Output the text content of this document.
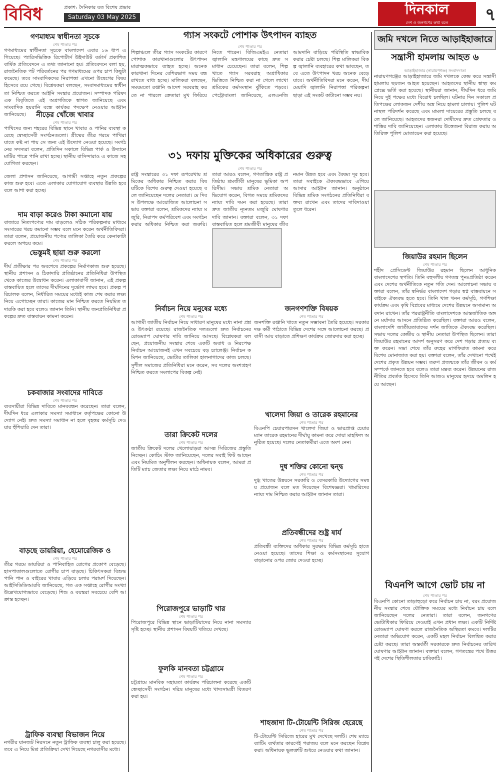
বিবিধ	প্রকাশ: দৈনিকার যত বিশেষ প্রভাব
Saturday 03 May 2025	দিনকাল
দেশ ও জনগণের কথা বলে	৭
গণমাধ্যম স্বাধীনতা সূচকে
শেষ পাতার পর
গণমাধ্যমের স্বাধীনতা সূচকে বাংলাদেশ এবার ১৬ ধাপ এগিয়েছে। প্যারিসভিত্তিক রিপোর্টার্স উইদাউট বর্ডার্স প্রকাশিত বার্ষিক প্রতিবেদনে এ তথ্য জানানো হয়। প্রতিবেদনে বলা হয়, রাজনৈতিক পট পরিবর্তনের পর গণমাধ্যমের ওপর চাপ কিছুটা কমেছে। তবে সাংবাদিকদের নিরাপত্তা এখনো উদ্বেগের বিষয় হিসেবে রয়ে গেছে। বিশ্লেষকরা বলছেন, সংবাদমাধ্যমের স্বাধীনতা নিশ্চিত করতে আইনি সংস্কার প্রয়োজন। সম্পাদক পরিষদ এক বিবৃতিতে এই অগ্রগতিকে স্বাগত জানিয়েছে এবং সাংবাদিক হয়রানি বন্ধে কার্যকর পদক্ষেপ নেওয়ার আহ্বান জানিয়েছে।	নীড়ের খোঁজে খাবার
শেষ পাতার পর
পাখিদের জন্য শহরের বিভিন্ন স্থানে খাবার ও পানির ব্যবস্থা করেছে স্বেচ্ছাসেবী সংগঠনগুলো। গ্রীষ্মের তীব্র গরমে পাখিরা যাতে কষ্ট না পায় সে জন্য এই উদ্যোগ নেওয়া হয়েছে। সংগঠনের সদস্যরা বলেন, প্রতিদিন সকালে বিভিন্ন পার্ক ও উদ্যানে মাটির পাত্রে পানি রাখা হচ্ছে। স্থানীয় বাসিন্দারাও এ কাজে সহযোগিতা করছেন।
জেলা প্রশাসন জানিয়েছে, আগামী সপ্তাহে নতুন প্রকল্পের কাজ শুরু হবে। এতে এলাকার যোগাযোগ ব্যবস্থার উন্নতি হবে বলে আশা করা হচ্ছে।
দাম বাড়া করেও টাকা কমানো যায়
বাজারে নিত্যপণ্যের দাম বাড়লেও সঠিক পরিকল্পনার মাধ্যমে সংসারের খরচ কমানো সম্ভব বলে মনে করেন অর্থনীতিবিদরা। তারা বলেন, প্রয়োজনীয় পণ্যের তালিকা তৈরি করে কেনাকাটা করলে অপচয় কমে।
ভেস্তুমই ছায়া শুরু করলো
শেষ পাতার পর
দীর্ঘ প্রতীক্ষার পর অবশেষে প্রকল্পের নির্মাণকাজ শুরু হয়েছে। স্থানীয় প্রশাসন ও ঠিকাদারি প্রতিষ্ঠানের প্রতিনিধিরা উপস্থিত থেকে কাজের উদ্বোধন করেন। এলাকাবাসী জানান, এই প্রকল্প বাস্তবায়িত হলে তাদের দীর্ঘদিনের দুর্ভোগ লাঘব হবে। প্রকল্প পরিচালক বলেন, নির্ধারিত সময়ের মধ্যেই কাজ শেষ করার লক্ষ্য নিয়ে এগোচ্ছেন তারা। কাজের মান নিশ্চিত করতে নিয়মিত তদারকি করা হবে বলেও জানান তিনি। স্থানীয় জনপ্রতিনিধিরা প্রকল্পের দ্রুত বাস্তবায়ন কামনা করেন।
চকবাজার সংবাদের দাবিতে
শেষ পাতার পর
ব্যবসায়ীরা বিভিন্ন দাবিতে মানববন্ধন করেছেন। তারা বলেন, দীর্ঘদিন ধরে এলাকার সমস্যা সমাধানে কর্তৃপক্ষের কোনো উদ্যোগ নেই। দ্রুত সমস্যা সমাধান না হলে বৃহত্তর কর্মসূচি দেওয়ার হুঁশিয়ারি দেন তারা।
বাড়ছে ডায়রিয়া, হেমোরেজিক ও
শেষ পাতার পর
তীব্র গরমে ডায়রিয়া ও পানিবাহিত রোগের প্রকোপ বেড়েছে। হাসপাতালগুলোতে রোগীর চাপ বাড়ছে। চিকিৎসকরা বিশুদ্ধ পানি পান ও বাইরের খাবার এড়িয়ে চলার পরামর্শ দিয়েছেন। আইসিডিডিআরবি জানিয়েছে, গত এক সপ্তাহে রোগীর সংখ্যা উল্লেখযোগ্যভাবে বেড়েছে। শিশু ও বয়স্করা সবচেয়ে বেশি আক্রান্ত হচ্ছেন।
ট্রাফিক ব্যবস্থা বিভাজন নিয়ে
নগরীর যানজট নিরসনে নতুন ট্রাফিক ব্যবস্থা চালু করা হয়েছে। তবে এ নিয়ে মিশ্র প্রতিক্রিয়া দেখা দিয়েছে নগরবাসীর মধ্যে।
গ্যাস সংকটে পোশাক উৎপাদন ব্যাহত
শেষ পাতার পর
শিল্পাঞ্চলে তীব্র গ্যাস সংকটের কারণে পোশাক কারখানাগুলোর উৎপাদন মারাত্মকভাবে ব্যাহত হচ্ছে। অনেক কারখানা দিনের বেশিরভাগ সময় বন্ধ রাখতে বাধ্য হচ্ছে। মালিকরা বলছেন, সময়মতো রপ্তানি আদেশ সরবরাহ করতে না পারলে ক্রেতারা মুখ ফিরিয়ে নিতে পারেন। বিজিএমইএ নেতারা জ্বালানি মন্ত্রণালয়ের কাছে দ্রুত সমাধান চেয়েছেন। তারা বলেন, শিল্প খাতে গ্যাস সরবরাহ অগ্রাধিকার ভিত্তিতে নিশ্চিত করা না গেলে লাখো শ্রমিকের কর্মসংস্থান ঝুঁকিতে পড়বে। পেট্রোবাংলা জানিয়েছে, এলএনজি আমদানি বাড়িয়ে পরিস্থিতি স্বাভাবিক করার চেষ্টা চলছে। শিল্প মালিকরা বিকল্প জ্বালানি ব্যবহারের কথা ভাবছেন, তবে এতে উৎপাদন খরচ অনেক বেড়ে যাবে। অর্থনীতিবিদরা মনে করেন, দীর্ঘমেয়াদি জ্বালানি নিরাপত্তা পরিকল্পনা ছাড়া এই সংকট কাটানো সম্ভব নয়।
৩১ দফায় মুক্তিকের অধিকারের গুরুত্ব
শেষ পাতার পর
রাষ্ট্র সংস্কারের ৩১ দফা রূপরেখায় শ্রমিকের অধিকার নিশ্চিত করার বিষয়টিকে বিশেষ গুরুত্ব দেওয়া হয়েছে বলে জানিয়েছেন দলের নেতারা। মে দিবস উপলক্ষে আয়োজিত আলোচনা সভায় বক্তারা বলেন, শ্রমিকদের ন্যায্য মজুরি, নিরাপদ কর্মপরিবেশ এবং সংগঠন করার অধিকার নিশ্চিত করা জরুরি। তারা আরও বলেন, গণতান্ত্রিক রাষ্ট্র প্রতিষ্ঠায় শ্রমজীবী মানুষের ভূমিকা অপরিসীম। সভায় শ্রমিক নেতারা অভিযোগ করেন, বিগত সময়ে শ্রমিকদের ন্যায্য দাবি দমন করা হয়েছে। তারা দ্রুত জাতীয় ন্যূনতম মজুরি ঘোষণার দাবি জানান। বক্তারা বলেন, ৩১ দফা বাস্তবায়িত হলে শ্রমজীবী মানুষের জীবনমান উন্নত হবে এবং বৈষম্য দূর হবে। তারা সবাইকে ঐক্যবদ্ধভাবে এগিয়ে আসার আহ্বান জানান। অনুষ্ঠানে বিভিন্ন শ্রমিক সংগঠনের প্রতিনিধিরা বক্তব্য রাখেন এবং তাদের দাবিদাওয়া তুলে ধরেন।
নির্বাচন নিয়ে মনুষের মধ্যে
শেষ পাতার পর
আগামী জাতীয় নির্বাচন নিয়ে সাধারণ মানুষের মধ্যে নানা প্রশ্ন ও উৎকণ্ঠা রয়েছে। রাজনৈতিক দলগুলো দ্রুত নির্বাচনের রোডম্যাপ ঘোষণার দাবি জানিয়ে আসছে। বিশ্লেষকরা বলছেন, প্রয়োজনীয় সংস্কার শেষে একটি অবাধ ও নিরপেক্ষ নির্বাচন আয়োজনই এখন সবচেয়ে বড় চ্যালেঞ্জ। নির্বাচন কমিশন জানিয়েছে, ভোটার তালিকা হালনাগাদের কাজ চলছে। সুশীল সমাজের প্রতিনিধিরা মনে করেন, সব দলের অংশগ্রহণ নিশ্চিত করতে সংলাপের বিকল্প নেই।
তারা ক্রিকেট দলের
শেষ পাতার পর
জাতীয় ক্রিকেট দলের খেলোয়াড়রা আসন্ন সিরিজের প্রস্তুতি নিচ্ছেন। কোচিং স্টাফ জানিয়েছেন, দলের সবাই ফিট আছেন এবং নিয়মিত অনুশীলন করছেন। অধিনায়ক বলেন, আমরা প্রতিটি ম্যাচ জেতার লক্ষ্য নিয়ে মাঠে নামব।
পিরোজপুরে ভাড়াটি খার
শেষ পাতার পর
পিরোজপুরে বিভিন্ন স্থানে ভাড়াটিয়াদের নিয়ে নানা সমস্যার সৃষ্টি হচ্ছে। স্থানীয় প্রশাসন বিষয়টি খতিয়ে দেখছে।
ফুলকি মানবতা চট্টগ্রামে
শেষ পাতার পর
চট্টগ্রামে মানবিক সহায়তা কার্যক্রম পরিচালনা করেছে একটি স্বেচ্ছাসেবী সংগঠন। দরিদ্র মানুষের মধ্যে খাদ্যসামগ্রী বিতরণ করা হয়।
জনগণশক্তি বিষয়ক
শেষ পাতার পর
জনশক্তি রপ্তানি খাতে নতুন সম্ভাবনা তৈরি হয়েছে। সরকার দক্ষ কর্মী পাঠাতে বিভিন্ন দেশের সঙ্গে আলোচনা করছে। প্রবাসী আয় বাড়াতে প্রশিক্ষণ কার্যক্রম জোরদার করা হচ্ছে।
খালেদা জিয়া ও তারেক রহমানের
শেষ পাতার পর
বিএনপি চেয়ারপারসন খালেদা জিয়া ও ভারপ্রাপ্ত চেয়ারম্যান তারেক রহমানের দীর্ঘায়ু কামনা করে দোয়া মাহফিল অনুষ্ঠিত হয়েছে। দলের নেতাকর্মীরা এতে অংশ নেন।
দুধ শক্তির কোনো দ্বন্দ্ব
শেষ পাতার পর
দুগ্ধ খাতের উন্নয়নে সরকারি ও বেসরকারি উদ্যোগের সমন্বয় প্রয়োজন বলে মত দিয়েছেন বিশেষজ্ঞরা। খামারিদের ন্যায্য দাম নিশ্চিত করার আহ্বান জানান তারা।
প্রতিবন্ধীদের শুষ্ট্র ষার্য
শেষ পাতার পর
প্রতিবন্ধী ব্যক্তিদের অধিকার সুরক্ষায় বিভিন্ন কর্মসূচি হাতে নেওয়া হয়েছে। তাদের শিক্ষা ও কর্মসংস্থানের সুযোগ বাড়ানোর ওপর জোর দেওয়া হচ্ছে।
শাহজাদা টি-টোয়েন্টি সিরিজ হেরেছে
শেষ পাতার পর
টি-টোয়েন্টি সিরিজে হারের মুখ দেখেছে দলটি। শেষ ম্যাচে ব্যাটিং ব্যর্থতার কারণেই পরাজয় বলে মনে করছেন বিশ্লেষকরা। অধিনায়ক ভুলত্রুটি শুধরে নেওয়ার কথা জানান।
জমি দখলে নিতে আড়াইহাজারে
সন্ত্রাসী হামলায় আহত ৬
আড়াইহাজার (নারায়ণগঞ্জ) সংবাদদাতা
নারায়ণগঞ্জের আড়াইহাজারে জমি দখলকে কেন্দ্র করে সন্ত্রাসী হামলায় ছয়জন আহত হয়েছেন। আহতদের স্থানীয় স্বাস্থ্য কমপ্লেক্সে ভর্তি করা হয়েছে। স্থানীয়রা জানান, দীর্ঘদিন ধরে জমি নিয়ে দুই পক্ষের মধ্যে বিরোধ চলছিল। ঘটনার দিন সকালে প্রতিপক্ষের লোকজন দেশীয় অস্ত্র নিয়ে হামলা চালায়। পুলিশ ঘটনাস্থল পরিদর্শন করেছে এবং মামলা দায়েরের প্রস্তুতি চলছে বলে জানিয়েছে। আহতদের স্বজনরা দোষীদের দ্রুত গ্রেফতার ও শাস্তির দাবি জানিয়েছেন। এলাকায় উত্তেজনা বিরাজ করায় অতিরিক্ত পুলিশ মোতায়েন করা হয়েছে।
জিয়াউর রহমান ছিলেন
শেষ পাতার পর
শহীদ প্রেসিডেন্ট জিয়াউর রহমান ছিলেন আধুনিক বাংলাদেশের স্থপতি। তিনি বহুদলীয় গণতন্ত্র পুনঃপ্রতিষ্ঠা করেন এবং দেশের অর্থনীতিকে নতুন গতি দেন। আলোচনা সভায় বক্তারা বলেন, তাঁর স্বনির্ভর বাংলাদেশ গড়ার স্বপ্ন বাস্তবায়নে সবাইকে ঐক্যবদ্ধ হতে হবে। তিনি খাল খনন কর্মসূচি, গণশিক্ষা কার্যক্রম এবং কৃষি বিপ্লবের মাধ্যমে দেশের উন্নয়নে অসামান্য অবদান রাখেন। তাঁর পররাষ্ট্রনীতি বাংলাদেশকে আন্তর্জাতিক অঙ্গনে মর্যাদার আসনে প্রতিষ্ঠিত করেছিল। বক্তারা আরও বলেন, বাংলাদেশি জাতীয়তাবাদের দর্শন জাতিকে ঐক্যবদ্ধ করেছিল। সভায় দলের কেন্দ্রীয় ও স্থানীয় নেতারা উপস্থিত ছিলেন। তারা জিয়াউর রহমানের আদর্শ অনুসরণ করে দেশ গড়ার প্রত্যয় ব্যক্ত করেন। সভা শেষে তাঁর রুহের মাগফিরাত কামনা করে বিশেষ মোনাজাত করা হয়। বক্তারা বলেন, তাঁর দেখানো পথেই দেশের প্রকৃত উন্নয়ন সম্ভব। তরুণ প্রজন্মকে তাঁর জীবন ও কর্ম সম্পর্কে জানতে হবে বলেও তারা মন্তব্য করেন। উন্নয়নের রাজনীতির প্রবর্তক হিসেবে তিনি আজও মানুষের হৃদয়ে অমলিন হয়ে আছেন।
বিএনপি আগে ভোট চায় না
শেষ পাতার পর
বিএনপি কোনো তাড়াহুড়ো করে নির্বাচন চায় না, বরং প্রয়োজনীয় সংস্কার শেষে যৌক্তিক সময়ের মধ্যে নির্বাচন চায় বলে জানিয়েছেন দলের নেতারা। তারা বলেন, জনগণের ভোটাধিকার ফিরিয়ে দেওয়াই এখন প্রধান লক্ষ্য। একটি নির্দিষ্ট রোডম্যাপ ঘোষণা করলে রাজনৈতিক অস্থিরতা কমবে। দলটির নেতারা অভিযোগ করেন, একটি মহল নির্বাচন বিলম্বিত করার চেষ্টা করছে। তারা অন্তর্বর্তী সরকারকে দ্রুত নির্বাচনের তারিখ ঘোষণার আহ্বান জানান। বক্তারা বলেন, গণতন্ত্রের পথে উত্তরণই দেশের স্থিতিশীলতার চাবিকাঠি।
